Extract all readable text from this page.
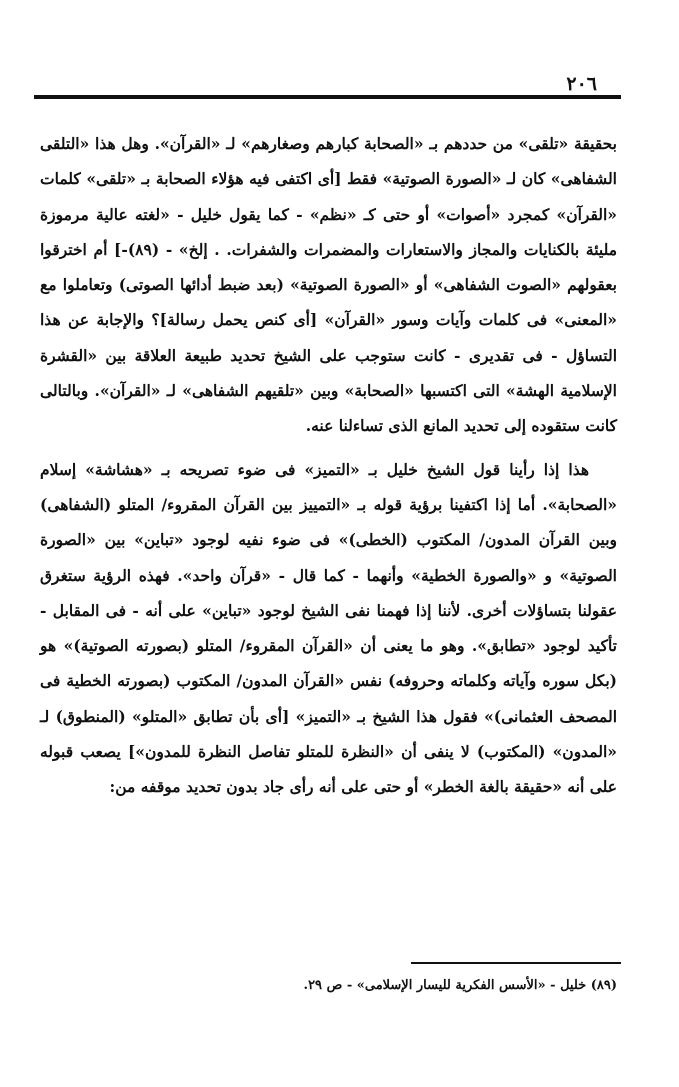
٢٠٦

بحقيقة «تلقى» من حددهم بـ «الصحابة كبارهم وصغارهم» لـ «القرآن». وهل هذا «التلقى الشفاهى» كان لـ «الصورة الصوتية» فقط [أى اكتفى فيه هؤلاء الصحابة بـ «تلقى» كلمات «القرآن» كمجرد «أصوات» أو حتى كـ «نظم» - كما يقول خليل - «لغته عالية مرموزة مليئة بالكنايات والمجاز والاستعارات والمضمرات والشفرات. . إلخ» - (٨٩)-] أم اخترقوا بعقولهم «الصوت الشفاهى» أو «الصورة الصوتية» (بعد ضبط أدائها الصوتى) وتعاملوا مع «المعنى» فى كلمات وآيات وسور «القرآن» [أى كنص يحمل رسالة]؟ والإجابة عن هذا التساؤل - فى تقديرى - كانت ستوجب على الشيخ تحديد طبيعة العلاقة بين «القشرة الإسلامية الهشة» التى اكتسبها «الصحابة» وبين «تلقيهم الشفاهى» لـ «القرآن». وبالتالى كانت ستقوده إلى تحديد المانع الذى تساءلنا عنه.

هذا إذا رأينا قول الشيخ خليل بـ «التميز» فى ضوء تصريحه بـ «هشاشة» إسلام «الصحابة». أما إذا اكتفينا برؤية قوله بـ «التمييز بين القرآن المقروء/ المتلو (الشفاهى) وبين القرآن المدون/ المكتوب (الخطى)» فى ضوء نفيه لوجود «تباين» بين «الصورة الصوتية» و «والصورة الخطية» وأنهما - كما قال - «قرآن واحد». فهذه الرؤية ستغرق عقولنا بتساؤلات أخرى. لأننا إذا فهمنا نفى الشيخ لوجود «تباين» على أنه - فى المقابل - تأكيد لوجود «تطابق». وهو ما يعنى أن «القرآن المقروء/ المتلو (بصورته الصوتية)» هو (بكل سوره وآياته وكلماته وحروفه) نفس «القرآن المدون/ المكتوب (بصورته الخطية فى المصحف العثمانى)» فقول هذا الشيخ بـ «التميز» [أى بأن تطابق «المتلو» (المنطوق) لـ «المدون» (المكتوب) لا ينفى أن «النظرة للمتلو تفاصل النظرة للمدون»] يصعب قبوله على أنه «حقيقة بالغة الخطر» أو حتى على أنه رأى جاد بدون تحديد موقفه من:

(٨٩) خليل - «الأسس الفكرية لليسار الإسلامى» - ص ٢٩.
